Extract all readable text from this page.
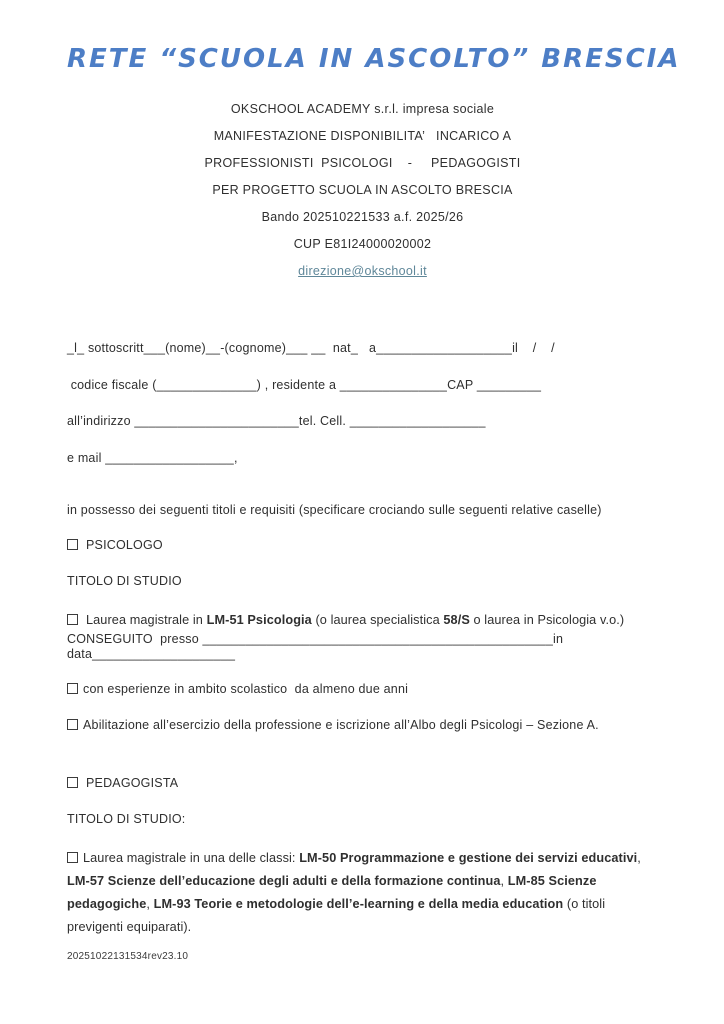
RETE “SCUOLA IN ASCOLTO” BRESCIA

OKSCHOOL ACADEMY s.r.l. impresa sociale

MANIFESTAZIONE DISPONIBILITA’   INCARICO A

PROFESSIONISTI  PSICOLOGI    -     PEDAGOGISTI

PER PROGETTO SCUOLA IN ASCOLTO BRESCIA

Bando 202510221533 a.f. 2025/26

CUP E81I24000020002

direzione@okschool.it

_l_ sottoscritt___(nome)__-(cognome)___ __  nat_   a___________________il    /    /

codice fiscale (______________) , residente a _______________CAP _________

all’indirizzo _______________________tel. Cell. ___________________

e mail __________________,

in possesso dei seguenti titoli e requisiti (specificare crociando sulle seguenti relative caselle)

PSICOLOGO

TITOLO DI STUDIO

Laurea magistrale in LM-51 Psicologia (o laurea specialistica 58/S o laurea in Psicologia v.o.)

CONSEGUITO  presso _________________________________________________in data____________________

con esperienze in ambito scolastico  da almeno due anni

Abilitazione all’esercizio della professione e iscrizione all’Albo degli Psicologi – Sezione A.

PEDAGOGISTA

TITOLO DI STUDIO:

Laurea magistrale in una delle classi: LM-50 Programmazione e gestione dei servizi educativi, LM-57 Scienze dell’educazione degli adulti e della formazione continua, LM-85 Scienze pedagogiche, LM-93 Teorie e metodologie dell’e-learning e della media education (o titoli previgenti equiparati).

20251022131534rev23.10
